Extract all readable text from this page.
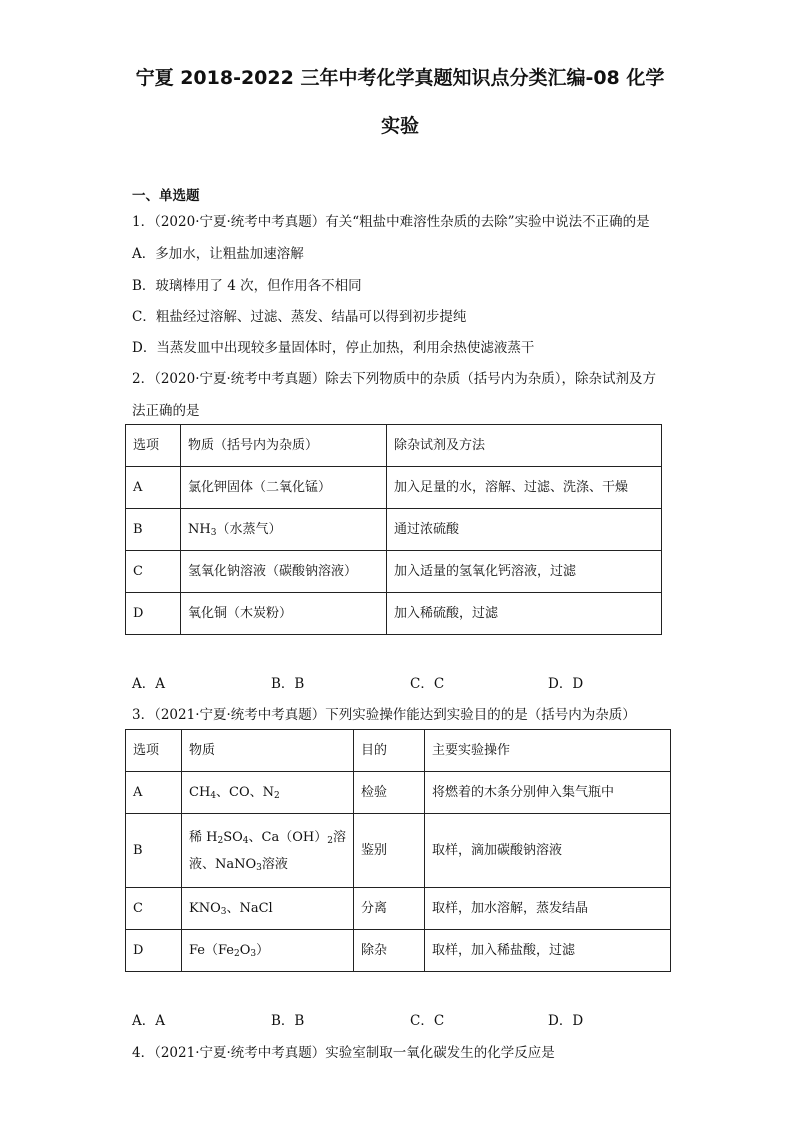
宁夏 2018-2022 三年中考化学真题知识点分类汇编-08 化学
实验
一、单选题
1．（2020·宁夏·统考中考真题）有关“粗盐中难溶性杂质的去除”实验中说法不正确的是
A．多加水，让粗盐加速溶解
B．玻璃棒用了 4 次，但作用各不相同
C．粗盐经过溶解、过滤、蒸发、结晶可以得到初步提纯
D．当蒸发皿中出现较多量固体时，停止加热，利用余热使滤液蒸干
2．（2020·宁夏·统考中考真题）除去下列物质中的杂质（括号内为杂质），除杂试剂及方
法正确的是
选项	物质（括号内为杂质）	除杂试剂及方法
A	氯化钾固体（二氧化锰）	加入足量的水，溶解、过滤、洗涤、干燥
B	$NH_3$（水蒸气）	通过浓硫酸
C	氢氧化钠溶液（碳酸钠溶液）	加入适量的氢氧化钙溶液，过滤
D	氧化铜（木炭粉）	加入稀硫酸，过滤
A．A	B．B	C．C	D．D
3．（2021·宁夏·统考中考真题）下列实验操作能达到实验目的的是（括号内为杂质）
选项	物质	目的	主要实验操作
A	$CH_4$、CO、$N_2$	检验	将燃着的木条分别伸入集气瓶中
B	稀 $H_2SO_4$、$Ca(OH)_2$溶
液、NaNO$_3$溶液	鉴别	取样，滴加碳酸钠溶液
C	$KNO_3$、NaCl	分离	取样，加水溶解，蒸发结晶
D	$Fe(Fe_2O_3)$	除杂	取样，加入稀盐酸，过滤
A．A	B．B	C．C	D．D
4．（2021·宁夏·统考中考真题）实验室制取一氧化碳发生的化学反应是
